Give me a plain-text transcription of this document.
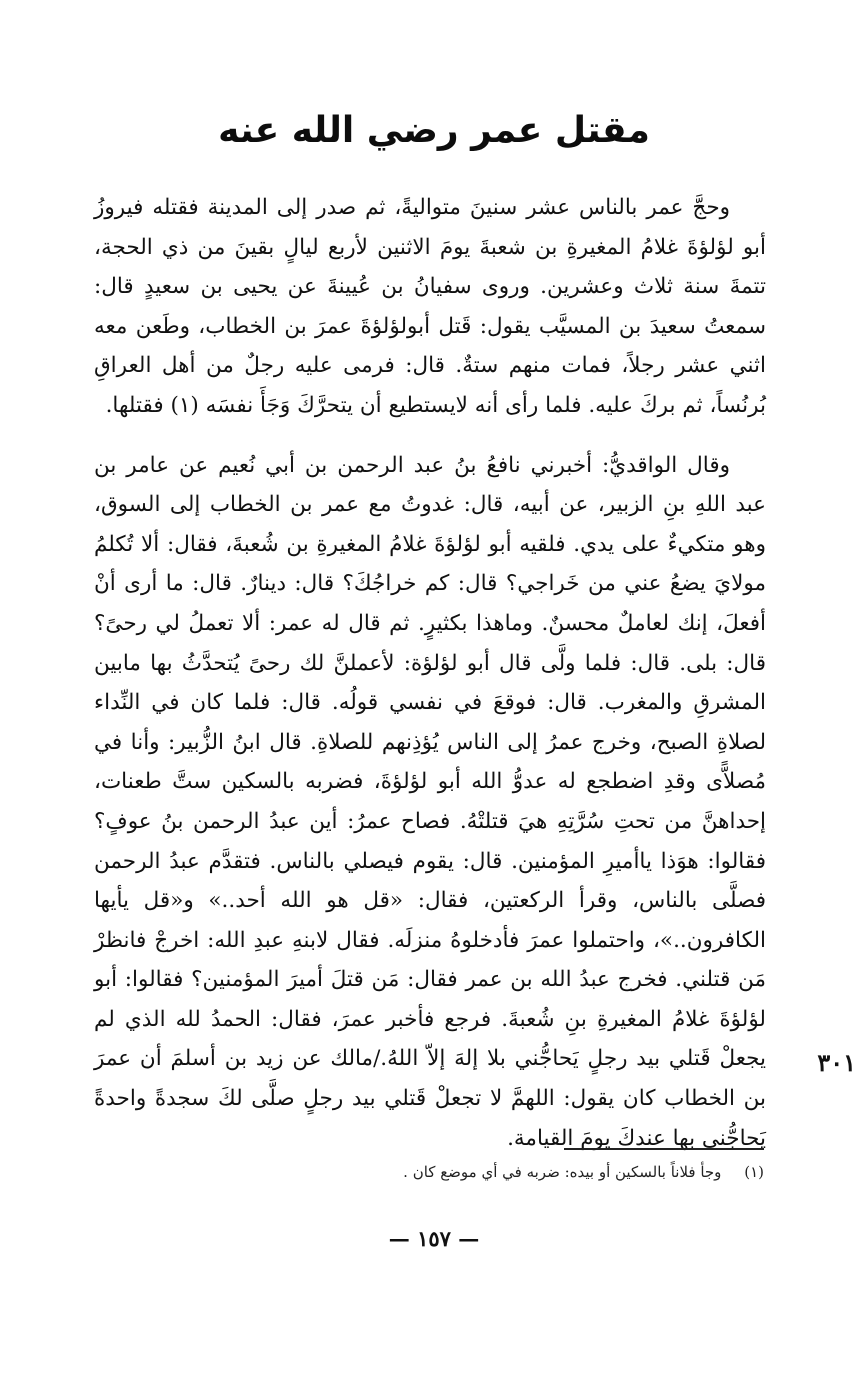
مقتل عمر رضي الله عنه

وحجَّ عمر بالناس عشر سنينَ متواليةً، ثم صدر إلى المدينة فقتله فيروزُ أبو لؤلؤةَ غلامُ المغيرةِ بن شعبةَ يومَ الاثنين لأربع ليالٍ بقينَ من ذي الحجة، تتمةَ سنة ثلاث وعشرين. وروى سفيانُ بن عُيينةَ عن يحيى بن سعيدٍ قال: سمعتُ سعيدَ بن المسيَّب يقول: قَتل أبولؤلؤةَ عمرَ بن الخطاب، وطَعن معه اثني عشر رجلاً، فمات منهم ستةٌ. قال: فرمى عليه رجلٌ من أهل العراقِ بُرنُساً، ثم بركَ عليه. فلما رأى أنه لايستطيع أن يتحرَّكَ وَجَأَ نفسَه (١) فقتلها.

وقال الواقديُّ: أخبرني نافعُ بنُ عبد الرحمن بن أبي نُعيم عن عامر بن عبد اللهِ بنِ الزبير، عن أبيه، قال: غدوتُ مع عمر بن الخطاب إلى السوق، وهو متكيءٌ على يدي. فلقيه أبو لؤلؤةَ غلامُ المغيرةِ بن شُعبةَ، فقال: ألا تُكلمُ مولايَ يضعُ عني من خَراجي؟ قال: كم خراجُكَ؟ قال: دينارٌ. قال: ما أرى أنْ أفعلَ، إنك لعاملٌ محسنٌ. وماهذا بكثيرٍ. ثم قال له عمر: ألا تعملُ لي رحىً؟ قال: بلى. قال: فلما ولَّى قال أبو لؤلؤة: لأعملنَّ لك رحىً يُتحدَّثُ بها مابين المشرقِ والمغرب. قال: فوقعَ في نفسي قولُه. قال: فلما كان في النِّداء لصلاةِ الصبح، وخرج عمرُ إلى الناس يُؤذِنهم للصلاةِ. قال ابنُ الزُّبير: وأنا في مُصلاًّى وقدِ اضطجع له عدوُّ الله أبو لؤلؤةَ، فضربه بالسكين ستَّ طعنات، إحداهنَّ من تحتِ سُرَّتِهِ هيَ قتلتْهُ. فصاح عمرُ: أين عبدُ الرحمن بنُ عوفٍ؟ فقالوا: هوَذا ياأميرِ المؤمنين. قال: يقوم فيصلي بالناس. فتقدَّم عبدُ الرحمن فصلَّى بالناس، وقرأ الركعتين، فقال: «قل هو الله أحد..» و«قل يأيها الكافرون..»، واحتملوا عمرَ فأدخلوهُ منزلَه. فقال لابنهِ عبدِ الله: اخرجْ فانظرْ مَن قتلني. فخرج عبدُ الله بن عمر فقال: مَن قتلَ أميرَ المؤمنين؟ فقالوا: أبو لؤلؤةَ غلامُ المغيرةِ بنِ شُعبةَ. فرجع فأخبر عمرَ، فقال: الحمدُ لله الذي لم يجعلْ قَتلي بيد رجلٍ يَحاجُّني بلا إلهَ إلاّ اللهُ./مالك عن زيد بن أسلمَ أن عمرَ بن الخطاب كان يقول: اللهمَّ لا تجعلْ قَتلي بيد رجلٍ صلَّى لكَ سجدةً واحدةً يَحاجُّني بها عندكَ يومَ القيامة.

٣٠١
(١) وجأ فلاناً بالسكين أو بيده: ضربه في أي موضع كان .
— ١٥٧ —
